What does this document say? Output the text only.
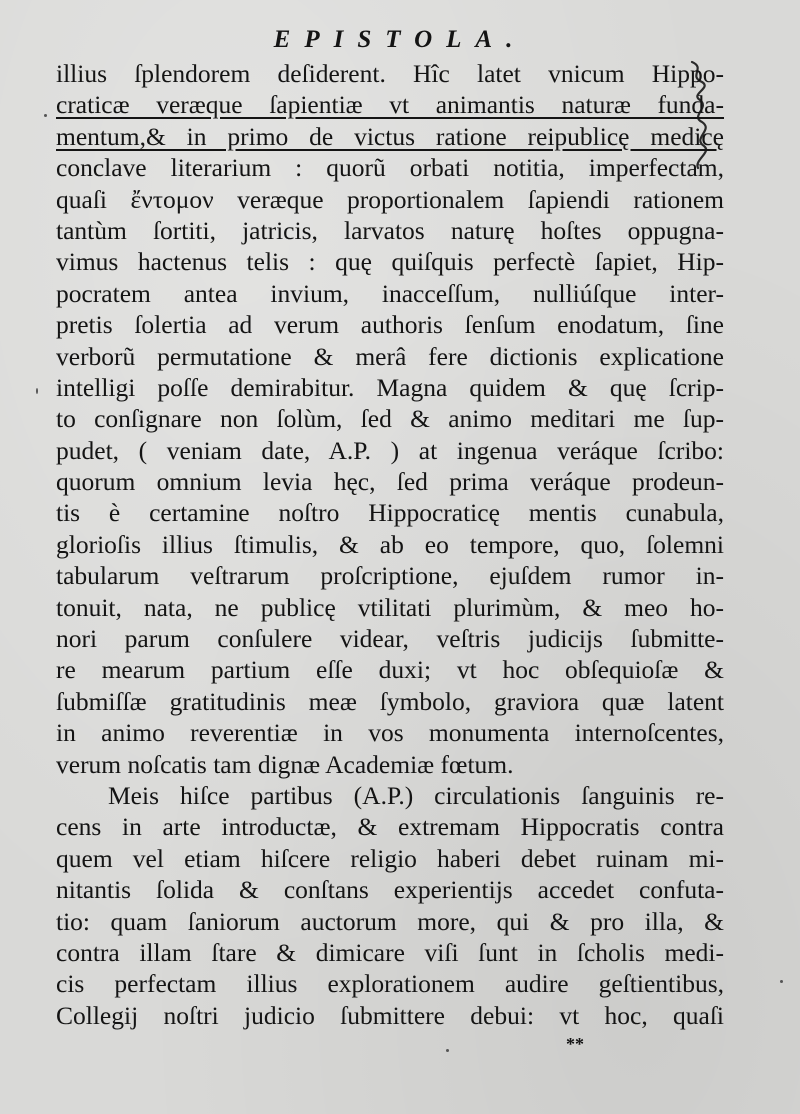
EPISTOLA.
illius ſplendorem deſiderent. Hîc latet vnicum Hippo-
craticæ veræque ſapientiæ vt animantis naturæ funda-
mentum,& in primo de victus ratione reipublicę medicę
conclave literarium : quorũ orbati notitia, imperfectam,
quaſi ἔντομον veræque proportionalem ſapiendi rationem
tantùm ſortiti, jatricis, larvatos naturę hoſtes oppugna-
vimus hactenus telis : quę quiſquis perfectè ſapiet, Hip-
pocratem antea invium, inacceſſum, nulliúſque inter-
pretis ſolertia ad verum authoris ſenſum enodatum, ſine
verborũ permutatione & merâ fere dictionis explicatione
intelligi poſſe demirabitur. Magna quidem & quę ſcrip-
to conſignare non ſolùm, ſed & animo meditari me ſup-
pudet, ( veniam date, A.P. ) at ingenua veráque ſcribo:
quorum omnium levia hęc, ſed prima veráque prodeun-
tis è certamine noſtro Hippocraticę mentis cunabula,
glorioſis illius ſtimulis, & ab eo tempore, quo, ſolemni
tabularum veſtrarum proſcriptione, ejuſdem rumor in-
tonuit, nata, ne publicę vtilitati plurimùm, & meo ho-
nori parum conſulere videar, veſtris judicijs ſubmitte-
re mearum partium eſſe duxi; vt hoc obſequioſæ &
ſubmiſſæ gratitudinis meæ ſymbolo, graviora quæ latent
in animo reverentiæ in vos monumenta internoſcentes,
verum noſcatis tam dignæ Academiæ fœtum.
Meis hiſce partibus (A.P.) circulationis ſanguinis re-
cens in arte introductæ, & extremam Hippocratis contra
quem vel etiam hiſcere religio haberi debet ruinam mi-
nitantis ſolida & conſtans experientijs accedet confuta-
tio: quam ſaniorum auctorum more, qui & pro illa, &
contra illam ſtare & dimicare viſi ſunt in ſcholis medi-
cis perfectam illius explorationem audire geſtientibus,
Collegij noſtri judicio ſubmittere debui: vt hoc, quaſi
**
